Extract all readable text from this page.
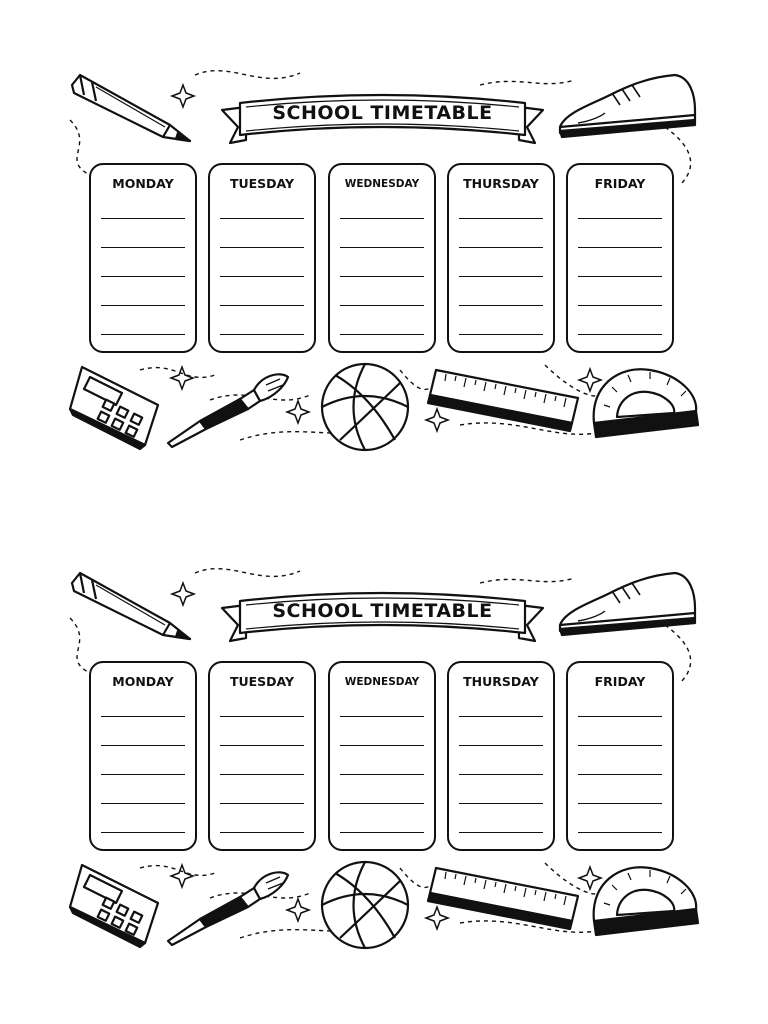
SCHOOL TIMETABLE
MONDAY	TUESDAY	WEDNESDAY	THURSDAY	FRIDAY
SCHOOL TIMETABLE
MONDAY	TUESDAY	WEDNESDAY	THURSDAY	FRIDAY
